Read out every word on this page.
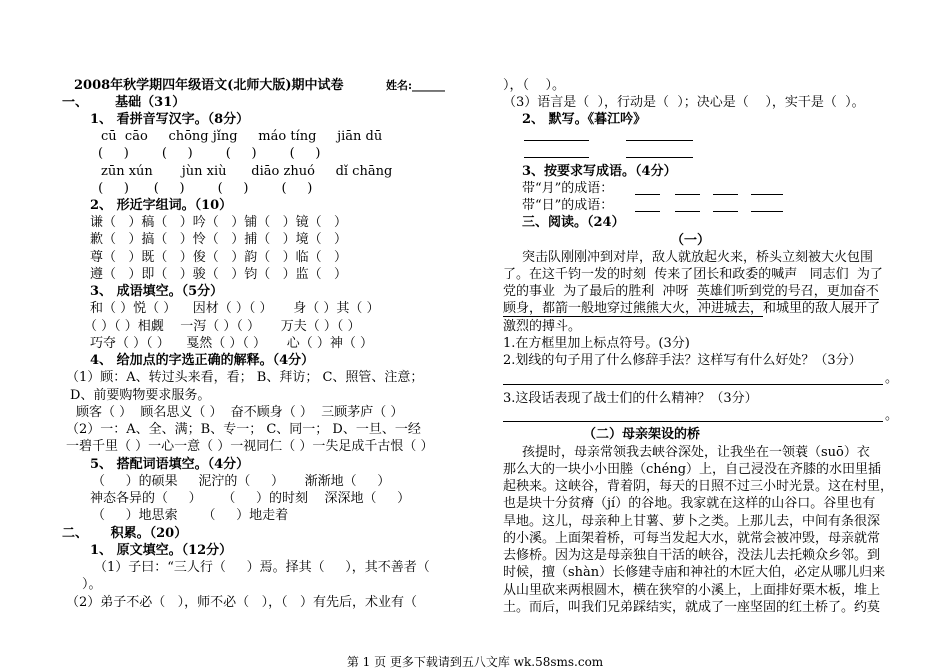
2008年秋学期四年级语文(北师大版)期中试卷	姓名:______
一、      基础（31）
1、 看拼音写汉字。（8分）
cū  cāo     chōng jǐng     máo tíng     jiān dū
(     )        (     )        (     )        (     )
zūn xún       jùn xiù      diāo zhuó     dǐ chāng
(     )      (     )        (     )        (     )
2、 形近字组词。（10）
谦（   ）稿（   ）吟（   ）铺（   ）镜（   ）
歉（   ）搞（   ）怜（   ）捕（   ）境（   ）
尊（   ）既（   ）俊（   ）韵（   ）临（   ）
遵（   ）即（   ）骏（   ）钧（   ）监（   ）
3、 成语填空。（5分）
和（ ）悦（ ）    因材（ ）（ ）     身（ ）其（ ）
（ ）（ ）相觑    一泻（ ）（ ）     万夫（ ）（ ）
巧夺（ ）（ ）    戛然（ ）（ ）     心（ ）神（ ）
4、 给加点的字选正确的解释。（4分）
（1）顾：A、转过头来看，看； B、拜访； C、照管、注意；
D、前要购物要求服务。
顾客（ ）  顾名思义（ ）  奋不顾身（ ）  三顾茅庐（ ）
（2）一：A、全、满；B、专一； C、同一； D、一旦、一经
一碧千里（ ）一心一意（ ）一视同仁（ ）一失足成千古恨（ ）
5、 搭配词语填空。（4分）
（     ）的硕果     泥泞的（     ）     渐渐地（     ）
神态各异的（     ）     （     ）的时刻    深深地（     ）
（     ）地思索      （     ）地走着
二、     积累。（20）
1、 原文填空。（12分）
（1）子曰：“三人行（     ）焉。择其（     ），其不善者（
）。
（2）弟子不必（   ），师不必（   ），（   ）有先后，术业有（
），（    ）。
（3）语言是（  ），行动是（  ）；决心是（    ），实干是（  ）。
2、 默写。《暮江吟》
3、按要求写成语。（4分）
带“月”的成语：
带“日”的成语：
三、阅读。（24）
（一）
突击队刚刚冲到对岸，敌人就放起火来，桥头立刻被大火包围
了。在这千钧一发的时刻  传来了团长和政委的喊声   同志们  为了
党的事业  为了最后的胜利  冲呀  英雄们听到党的号召，更加奋不
顾身，都箭一般地穿过熊熊大火，冲进城去，和城里的敌人展开了
激烈的搏斗。
1.在方框里加上标点符号。(3分)
2.划线的句子用了什么修辞手法？这样写有什么好处？（3分）
。
3.这段话表现了战士们的什么精神？（3分）
。
（二）母亲架设的桥
孩提时，母亲常领我去峡谷深处，让我坐在一领蓑（suō）衣
那么大的一块小小田塍（chéng）上，自己浸没在齐膝的水田里插
起秧来。这峡谷，背着阴，每天的日照不过三小时光景。这在村里，
也是块十分贫瘠（jí）的谷地。我家就在这样的山谷口。谷里也有
旱地。这儿，母亲种上甘薯、萝卜之类。上那儿去，中间有条很深
的小溪。上面架着桥，可每当发起大水，就常会被冲毁，母亲就常
去修桥。因为这是母亲独自干活的峡谷，没法儿去托赖众乡邻。到
时候，擅（shàn）长修建寺庙和神社的木匠大伯，必定从哪儿归来
从山里砍来两根圆木，横在狭窄的小溪上，上面排好栗木板，堆上
土。而后，叫我们兄弟踩结实，就成了一座坚固的红土桥了。约莫
第 1 页 更多下载请到五八文库 wk.58sms.com
